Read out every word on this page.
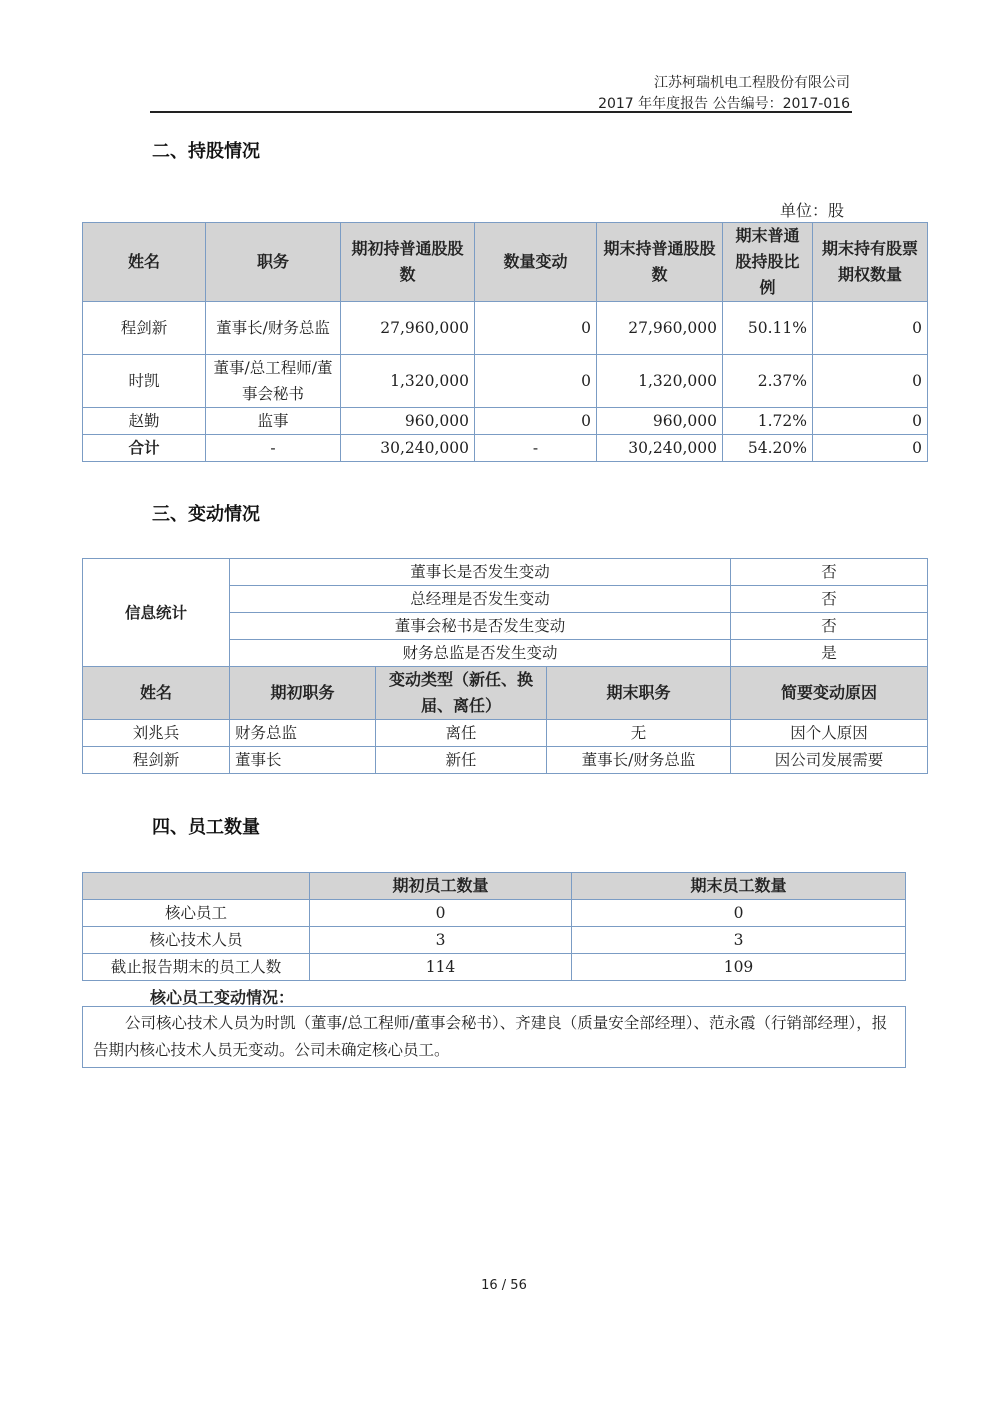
江苏柯瑞机电工程股份有限公司
2017 年年度报告 公告编号：2017-016
二、持股情况
单位：股
姓名	职务	期初持普通股股数	数量变动	期末持普通股股数	期末普通股持股比例	期末持有股票期权数量
程剑新	董事长/财务总监	27,960,000	0	27,960,000	50.11%	0
时凯	董事/总工程师/董事会秘书	1,320,000	0	1,320,000	2.37%	0
赵勤	监事	960,000	0	960,000	1.72%	0
合计	-	30,240,000	-	30,240,000	54.20%	0
三、变动情况
信息统计	董事长是否发生变动			否
	总经理是否发生变动			否
	董事会秘书是否发生变动			否
	财务总监是否发生变动			是
姓名	期初职务	变动类型（新任、换届、离任）	期末职务	简要变动原因
刘兆兵	财务总监	离任	无	因个人原因
程剑新	董事长	新任	董事长/财务总监	因公司发展需要
四、员工数量
	期初员工数量	期末员工数量
核心员工	0	0
核心技术人员	3	3
截止报告期末的员工人数	114	109
核心员工变动情况：
公司核心技术人员为时凯（董事/总工程师/董事会秘书）、齐建良（质量安全部经理）、范永霞（行销部经理），报告期内核心技术人员无变动。公司未确定核心员工。
16 / 56
